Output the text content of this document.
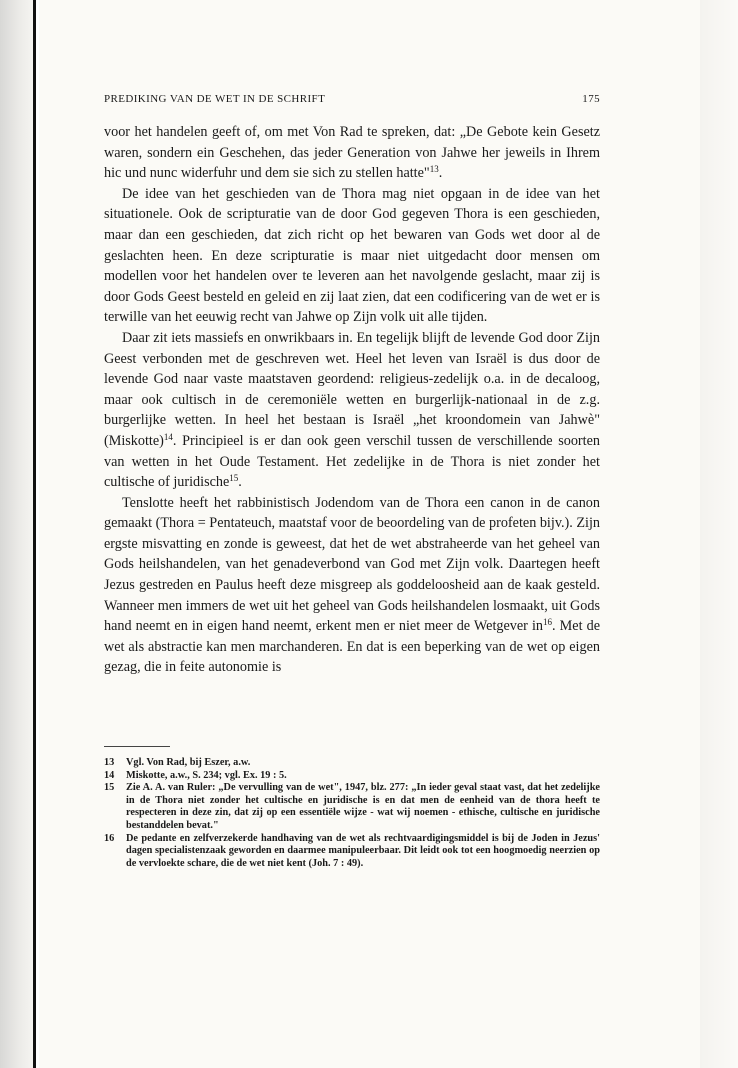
PREDIKING VAN DE WET IN DE SCHRIFT	175

voor het handelen geeft of, om met Von Rad te spreken, dat: „De Gebote kein Gesetz waren, sondern ein Geschehen, das jeder Generation von Jahwe her jeweils in Ihrem hic und nunc widerfuhr und dem sie sich zu stellen hatte"$^{13}$.

De idee van het geschieden van de Thora mag niet opgaan in de idee van het situationele. Ook de scripturatie van de door God gegeven Thora is een geschieden, maar dan een geschieden, dat zich richt op het bewaren van Gods wet door al de geslachten heen. En deze scripturatie is maar niet uitgedacht door mensen om modellen voor het handelen over te leveren aan het navolgende geslacht, maar zij is door Gods Geest besteld en geleid en zij laat zien, dat een codificering van de wet er is terwille van het eeuwig recht van Jahwe op Zijn volk uit alle tijden.

Daar zit iets massiefs en onwrikbaars in. En tegelijk blijft de levende God door Zijn Geest verbonden met de geschreven wet. Heel het leven van Israël is dus door de levende God naar vaste maatstaven geordend: religieus-zedelijk o.a. in de decaloog, maar ook cultisch in de ceremoniële wetten en burgerlijk-nationaal in de z.g. burgerlijke wetten. In heel het bestaan is Israël „het kroondomein van Jahwè" (Miskotte)$^{14}$. Principieel is er dan ook geen verschil tussen de verschillende soorten van wetten in het Oude Testament. Het zedelijke in de Thora is niet zonder het cultische of juridische$^{15}$.

Tenslotte heeft het rabbinistisch Jodendom van de Thora een canon in de canon gemaakt (Thora = Pentateuch, maatstaf voor de beoordeling van de profeten bijv.). Zijn ergste misvatting en zonde is geweest, dat het de wet abstraheerde van het geheel van Gods heilshandelen, van het genadeverbond van God met Zijn volk. Daartegen heeft Jezus gestreden en Paulus heeft deze misgreep als goddeloosheid aan de kaak gesteld. Wanneer men immers de wet uit het geheel van Gods heilshandelen losmaakt, uit Gods hand neemt en in eigen hand neemt, erkent men er niet meer de Wetgever $in^{16}$. Met de wet als abstractie kan men marchanderen. En dat is een beperking van de wet op eigen gezag, die in feite autonomie is

13 Vgl. Von Rad, bij Eszer, a.w.
14 Miskotte, a.w., S. 234; vgl. Ex. 19 : 5.
15 Zie A. A. van Ruler: „De vervulling van de wet", 1947, blz. 277: „In ieder geval staat vast, dat het zedelijke in de Thora niet zonder het cultische en juridische is en dat men de eenheid van de thora heeft te respecteren in deze zin, dat zij op een essentiële wijze - wat wij noemen - ethische, cultische en juridische bestanddelen bevat."
16 De pedante en zelfverzekerde handhaving van de wet als rechtvaardigingsmiddel is bij de Joden in Jezus' dagen specialistenzaak geworden en daarmee manipuleerbaar. Dit leidt ook tot een hoogmoedig neerzien op de vervloekte schare, die de wet niet kent (Joh. 7 : 49).
